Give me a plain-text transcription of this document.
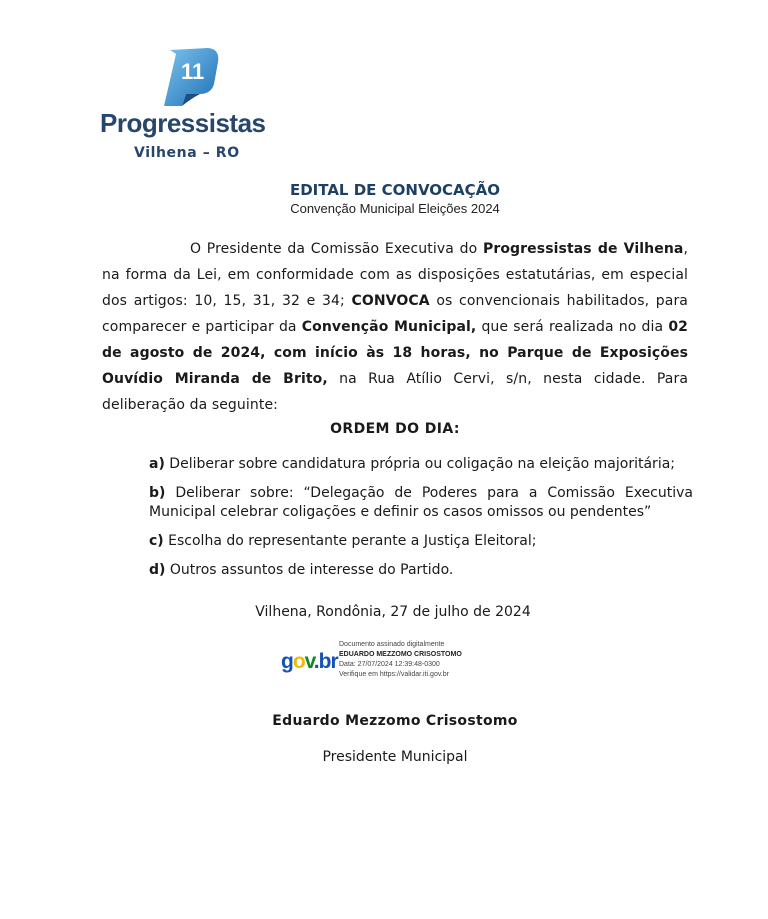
11
Progressistas
Vilhena – RO
EDITAL DE CONVOCAÇÃO
Convenção Municipal Eleições 2024
O Presidente da Comissão Executiva do Progressistas de Vilhena, na forma da Lei, em conformidade com as disposições estatutárias, em especial dos artigos: 10, 15, 31, 32 e 34; CONVOCA os convencionais habilitados, para comparecer e participar da Convenção Municipal, que será realizada no dia 02 de agosto de 2024, com início às 18 horas, no Parque de Exposições Ouvídio Miranda de Brito, na Rua Atílio Cervi, s/n, nesta cidade. Para deliberação da seguinte:
ORDEM DO DIA:

a) Deliberar sobre candidatura própria ou coligação na eleição majoritária;

b) Deliberar sobre: “Delegação de Poderes para a Comissão Executiva Municipal celebrar coligações e definir os casos omissos ou pendentes”

c) Escolha do representante perante a Justiça Eleitoral;

d) Outros assuntos de interesse do Partido.

Vilhena, Rondônia, 27 de julho de 2024
gov.br
Documento assinado digitalmente
EDUARDO MEZZOMO CRISOSTOMO
Data: 27/07/2024 12:39:48-0300
Verifique em https://validar.iti.gov.br
Eduardo Mezzomo Crisostomo
Presidente Municipal
